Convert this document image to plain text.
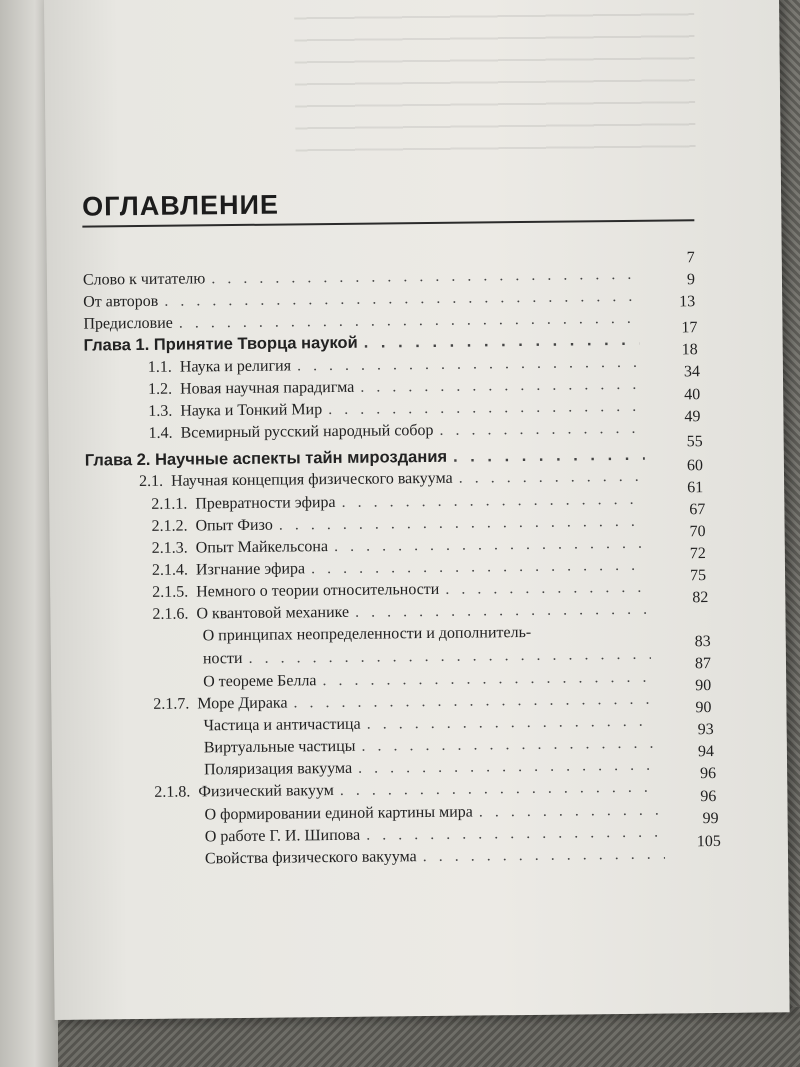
ОГЛАВЛЕНИЕ
Слово к читателю
. . .
От авторов
. . .
Предисловие
. . .
Глава 1. Принятие Творца наукой
. . .
1.1. Наука и религия
. . .
1.2. Новая научная парадигма
. . .
1.3. Наука и Тонкий Мир
. . .
1.4. Всемирный русский народный собор
. . .
Глава 2. Научные аспекты тайн мироздания
. . .
2.1. Научная концепция физического вакуума
. . .
2.1.1. Превратности эфира
. . .
2.1.2. Опыт Физо
. . .
2.1.3. Опыт Майкельсона
. . .
2.1.4. Изгнание эфира
. . .
2.1.5. Немного о теории относительности
. . .
2.1.6. О квантовой механике
. . .
О принципах неопределенности и дополнитель-
ности
. . .
О теореме Белла
. . .
2.1.7. Море Дирака
. . .
Частица и античастица
. . .
Виртуальные частицы
. . .
Поляризация вакуума
. . .
2.1.8. Физический вакуум
. . .
О формировании единой картины мира
. . .
О работе Г. И. Шипова
. . .
Свойства физического вакуума
. . .
7
9
13
17
18
34
40
49
55
60
61
67
70
72
75
82
83
87
90
90
93
94
96
96
99
105
